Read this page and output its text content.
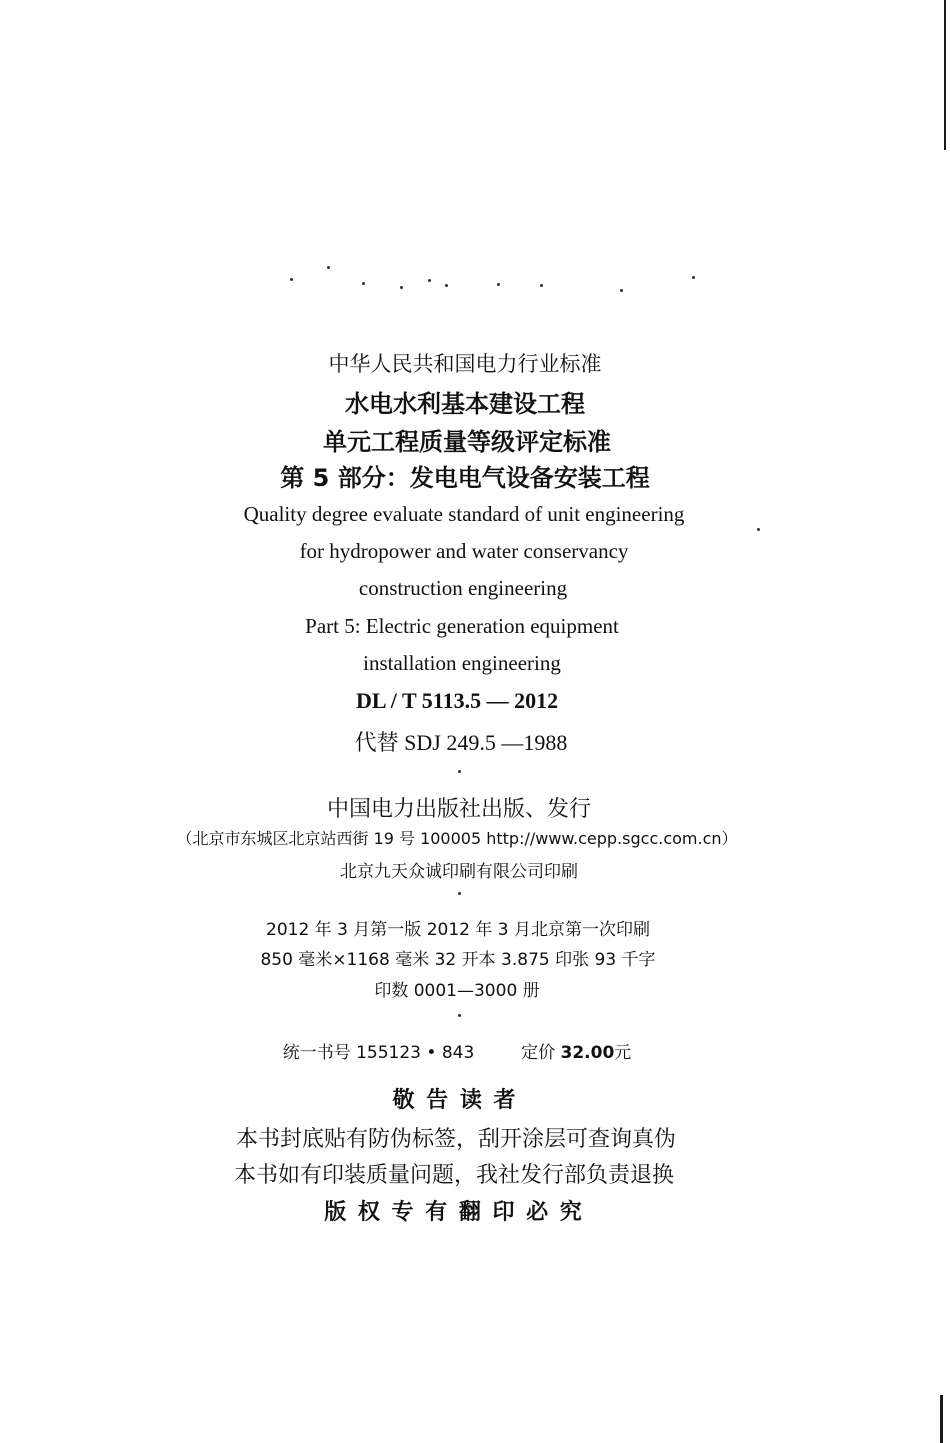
中华人民共和国电力行业标准
水电水利基本建设工程
单元工程质量等级评定标准
第 5 部分：发电电气设备安装工程
Quality degree evaluate standard of unit engineering
for hydropower and water conservancy
construction engineering
Part 5: Electric generation equipment
installation engineering
DL / T 5113.5 — 2012
代替 SDJ 249.5 —1988
中国电力出版社出版、发行
（北京市东城区北京站西街 19 号 100005 http://www.cepp.sgcc.com.cn）
北京九天众诚印刷有限公司印刷
2012 年 3 月第一版 2012 年 3 月北京第一次印刷
850 毫米×1168 毫米 32 开本 3.875 印张 93 千字
印数 0001—3000 册
统一书号 155123 • 843	定价 32.00元
敬 告 读 者
本书封底贴有防伪标签，刮开涂层可查询真伪
本书如有印装质量问题，我社发行部负责退换
版 权 专 有 翻 印 必 究
